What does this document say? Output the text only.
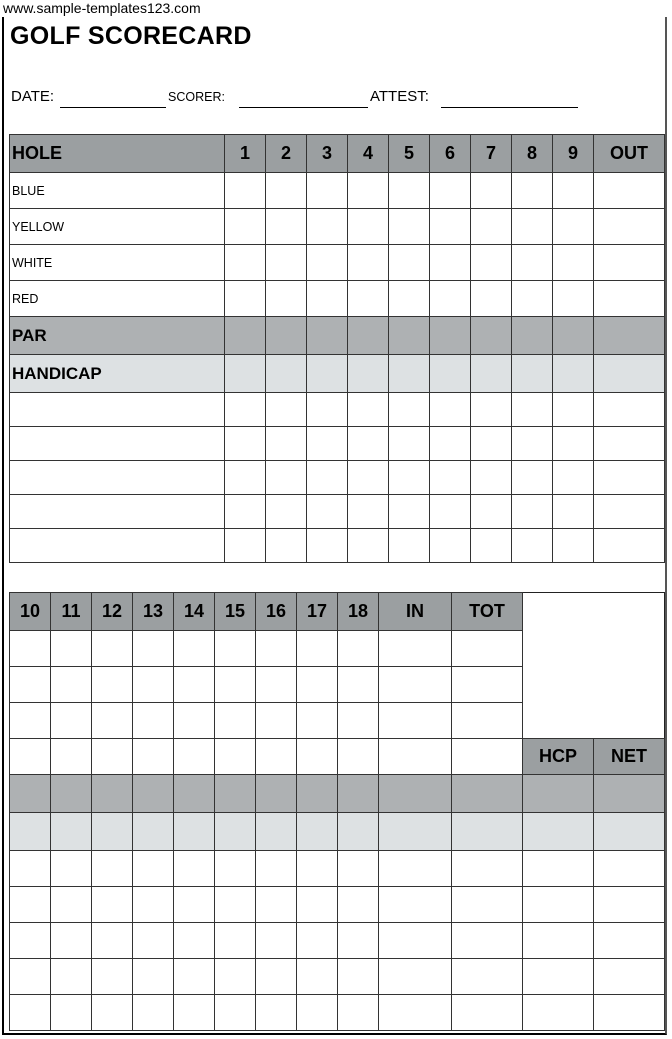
www.sample-templates123.com
GOLF SCORECARD
DATE:	SCORER:	ATTEST:
HOLE	1	2	3	4	5	6	7	8	9	OUT
BLUE										
YELLOW										
WHITE										
RED										
PAR										
HANDICAP										

10	11	12	13	14	15	16	17	18	IN	TOT		

											HCP	NET
